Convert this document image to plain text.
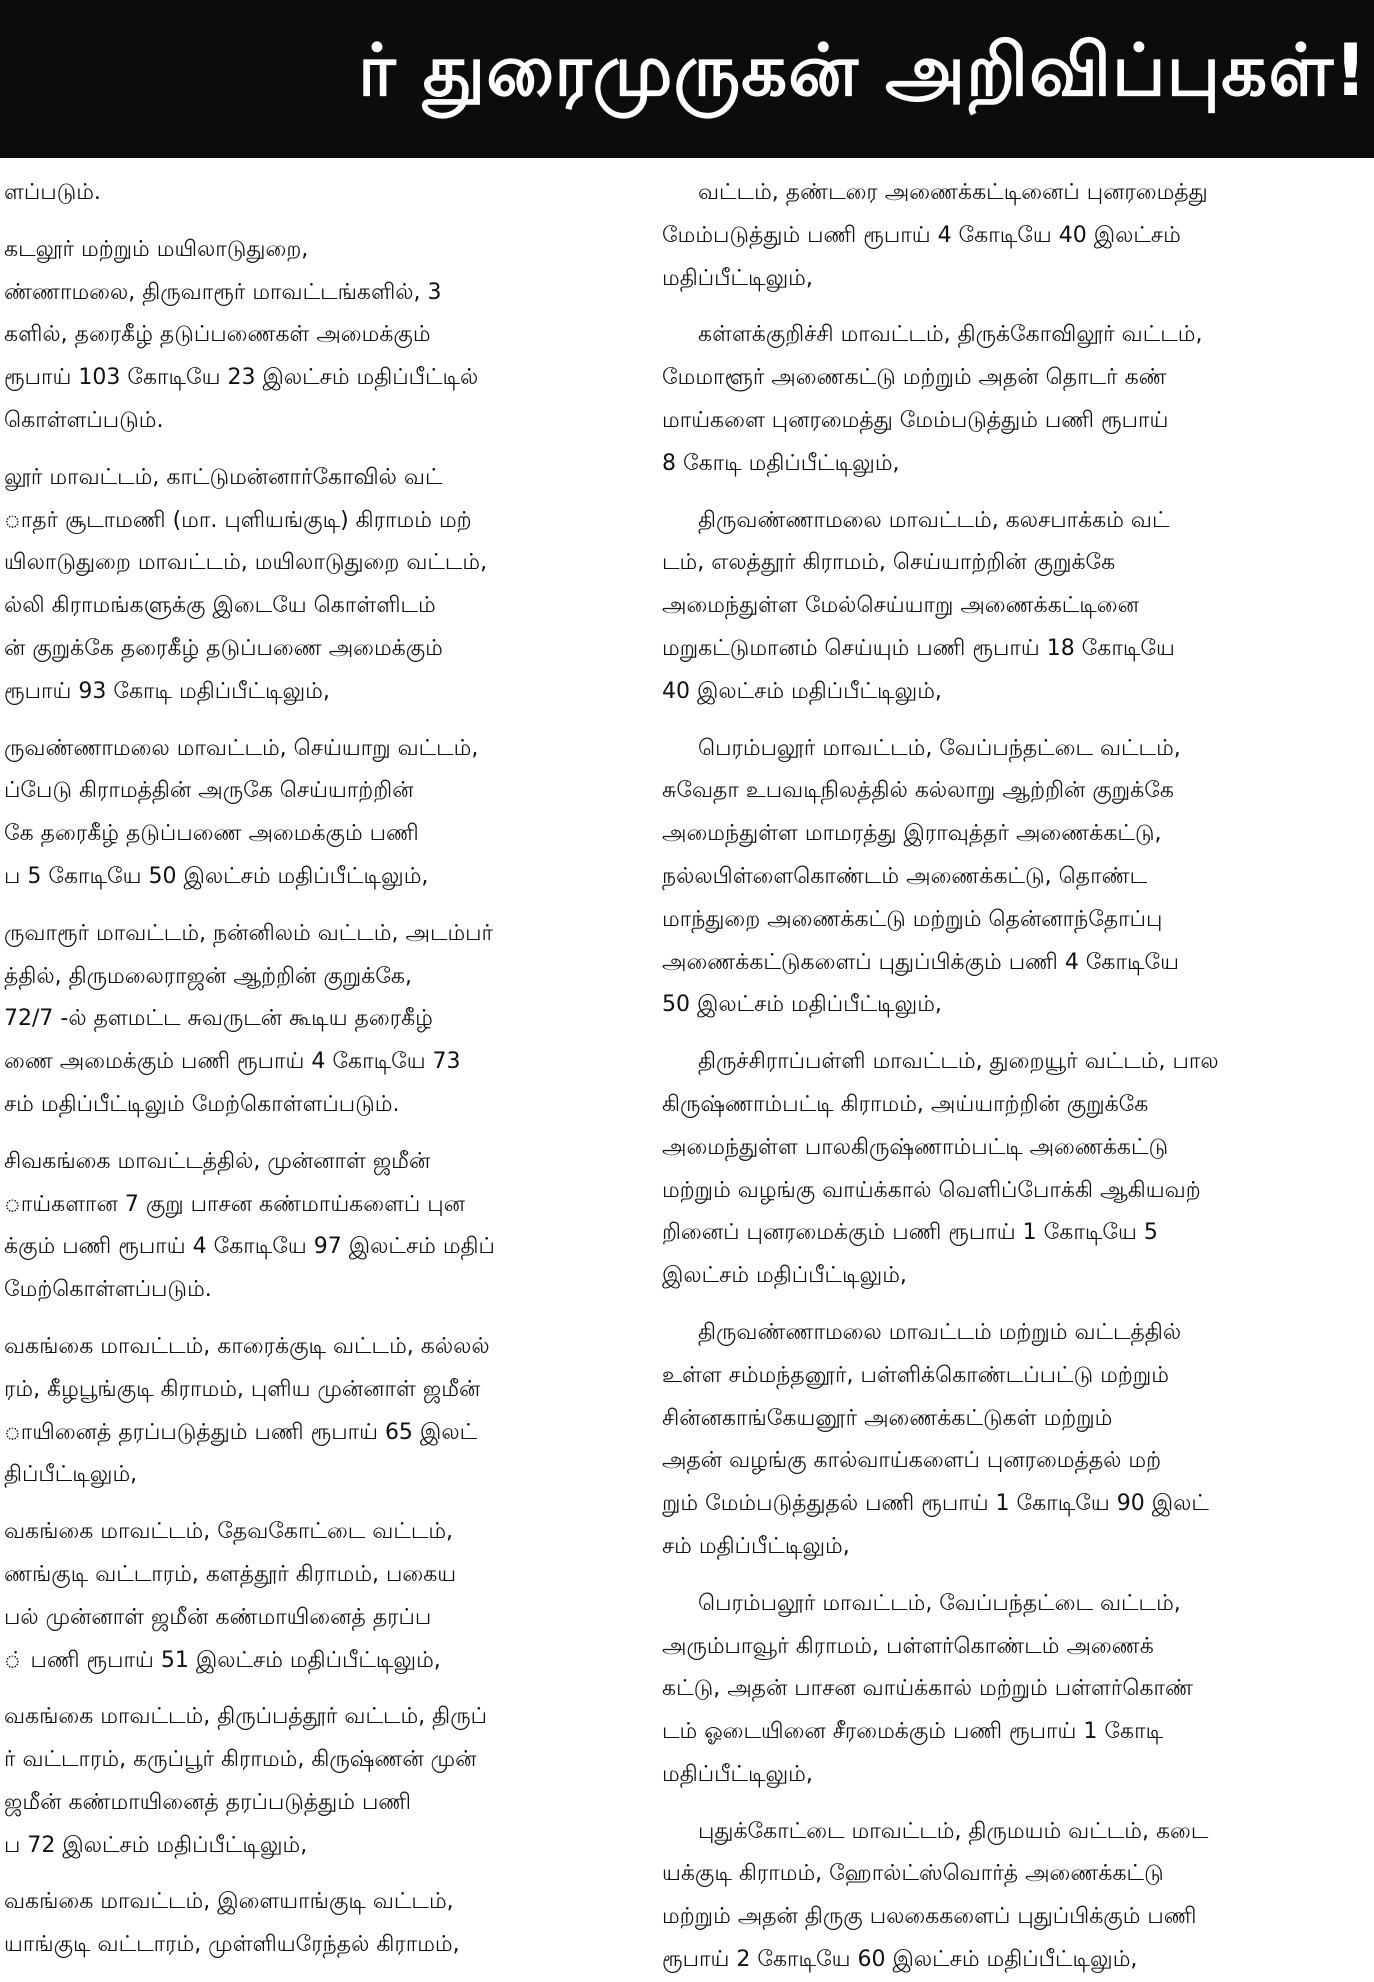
ர் துரைமுருகன் அறிவிப்புகள்!
ளப்படும்.
கடலூர் மற்றும் மயிலாடுதுறை,
ண்ணாமலை, திருவாரூர் மாவட்டங்களில், 3
களில், தரைகீழ் தடுப்பணைகள் அமைக்கும்
ரூபாய் 103 கோடியே 23 இலட்சம் மதிப்பீட்டில்
கொள்ளப்படும்.
லூர் மாவட்டம், காட்டுமன்னார்கோவில் வட்
ாதர் சூடாமணி (மா. புளியங்குடி) கிராமம் மற்
யிலாடுதுறை மாவட்டம், மயிலாடுதுறை வட்டம்,
ல்லி கிராமங்களுக்கு இடையே கொள்ளிடம்
ன் குறுக்கே தரைகீழ் தடுப்பணை அமைக்கும்
ரூபாய் 93 கோடி மதிப்பீட்டிலும்,
ருவண்ணாமலை மாவட்டம், செய்யாறு வட்டம்,
ப்பேடு கிராமத்தின் அருகே செய்யாற்றின்
கே தரைகீழ் தடுப்பணை அமைக்கும் பணி
ப 5 கோடியே 50 இலட்சம் மதிப்பீட்டிலும்,
ருவாரூர் மாவட்டம், நன்னிலம் வட்டம், அடம்பர்
த்தில், திருமலைராஜன் ஆற்றின் குறுக்கே,
72/7 -ல் தளமட்ட சுவருடன் கூடிய தரைகீழ்
ணை அமைக்கும் பணி ரூபாய் 4 கோடியே 73
சம் மதிப்பீட்டிலும் மேற்கொள்ளப்படும்.
சிவகங்கை மாவட்டத்தில், முன்னாள் ஜமீன்
ாய்களான 7 குறு பாசன கண்மாய்களைப் புன
க்கும் பணி ரூபாய் 4 கோடியே 97 இலட்சம் மதிப்
மேற்கொள்ளப்படும்.
வகங்கை மாவட்டம், காரைக்குடி வட்டம், கல்லல்
ரம், கீழபூங்குடி கிராமம், புளிய முன்னாள் ஜமீன்
ாயினைத் தரப்படுத்தும் பணி ரூபாய் 65 இலட்
திப்பீட்டிலும்,
வகங்கை மாவட்டம், தேவகோட்டை வட்டம்,
ணங்குடி வட்டாரம், களத்தூர் கிராமம், பகைய
பல் முன்னாள் ஜமீன் கண்மாயினைத் தரப்ப
் பணி ரூபாய் 51 இலட்சம் மதிப்பீட்டிலும்,
வகங்கை மாவட்டம், திருப்பத்தூர் வட்டம், திருப்
ர் வட்டாரம், கருப்பூர் கிராமம், கிருஷ்ணன் முன்
ஜமீன் கண்மாயினைத் தரப்படுத்தும் பணி
ப 72 இலட்சம் மதிப்பீட்டிலும்,
வகங்கை மாவட்டம், இளையாங்குடி வட்டம்,
யாங்குடி வட்டாரம், முள்ளியரேந்தல் கிராமம்,
வட்டம், தண்டரை அணைக்கட்டினைப் புனரமைத்து
மேம்படுத்தும் பணி ரூபாய் 4 கோடியே 40 இலட்சம்
மதிப்பீட்டிலும்,
கள்ளக்குறிச்சி மாவட்டம், திருக்கோவிலூர் வட்டம்,
மேமாளூர் அணைகட்டு மற்றும் அதன் தொடர் கண்
மாய்களை புனரமைத்து மேம்படுத்தும் பணி ரூபாய்
8 கோடி மதிப்பீட்டிலும்,
திருவண்ணாமலை மாவட்டம், கலசபாக்கம் வட்
டம், எலத்தூர் கிராமம், செய்யாற்றின் குறுக்கே
அமைந்துள்ள மேல்செய்யாறு அணைக்கட்டினை
மறுகட்டுமானம் செய்யும் பணி ரூபாய் 18 கோடியே
40 இலட்சம் மதிப்பீட்டிலும்,
பெரம்பலூர் மாவட்டம், வேப்பந்தட்டை வட்டம்,
சுவேதா உபவடிநிலத்தில் கல்லாறு ஆற்றின் குறுக்கே
அமைந்துள்ள மாமரத்து இராவுத்தர் அணைக்கட்டு,
நல்லபிள்ளைகொண்டம் அணைக்கட்டு, தொண்ட
மாந்துறை அணைக்கட்டு மற்றும் தென்னாந்தோப்பு
அணைக்கட்டுகளைப் புதுப்பிக்கும் பணி 4 கோடியே
50 இலட்சம் மதிப்பீட்டிலும்,
திருச்சிராப்பள்ளி மாவட்டம், துறையூர் வட்டம், பால
கிருஷ்ணாம்பட்டி கிராமம், அய்யாற்றின் குறுக்கே
அமைந்துள்ள பாலகிருஷ்ணாம்பட்டி அணைக்கட்டு
மற்றும் வழங்கு வாய்க்கால் வெளிப்போக்கி ஆகியவற்
றினைப் புனரமைக்கும் பணி ரூபாய் 1 கோடியே 5
இலட்சம் மதிப்பீட்டிலும்,
திருவண்ணாமலை மாவட்டம் மற்றும் வட்டத்தில்
உள்ள சம்மந்தனூர், பள்ளிக்கொண்டப்பட்டு மற்றும்
சின்னகாங்கேயனூர் அணைக்கட்டுகள் மற்றும்
அதன் வழங்கு கால்வாய்களைப் புனரமைத்தல் மற்
றும் மேம்படுத்துதல் பணி ரூபாய் 1 கோடியே 90 இலட்
சம் மதிப்பீட்டிலும்,
பெரம்பலூர் மாவட்டம், வேப்பந்தட்டை வட்டம்,
அரும்பாவூர் கிராமம், பள்ளர்கொண்டம் அணைக்
கட்டு, அதன் பாசன வாய்க்கால் மற்றும் பள்ளர்கொண்
டம் ஓடையினை சீரமைக்கும் பணி ரூபாய் 1 கோடி
மதிப்பீட்டிலும்,
புதுக்கோட்டை மாவட்டம், திருமயம் வட்டம், கடை
யக்குடி கிராமம், ஹோல்ட்ஸ்வொர்த் அணைக்கட்டு
மற்றும் அதன் திருகு பலகைகளைப் புதுப்பிக்கும் பணி
ரூபாய் 2 கோடியே 60 இலட்சம் மதிப்பீட்டிலும்,
